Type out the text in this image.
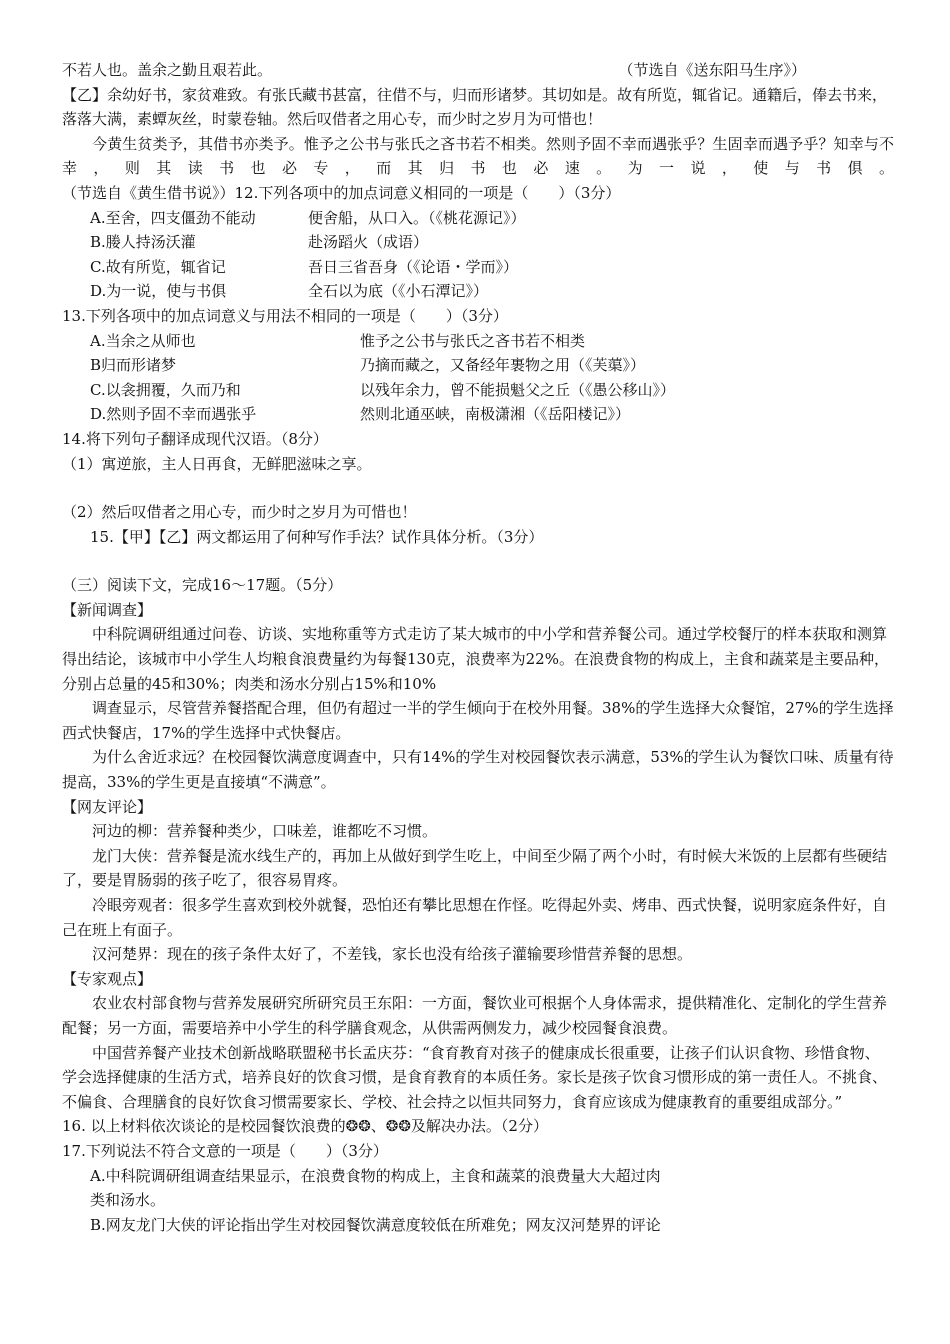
不若人也。盖余之勤且艰若此。	（节选自《送东阳马生序》）

【乙】余幼好书，家贫难致。有张氏藏书甚富，往借不与，归而形诸梦。其切如是。故有所览，辄省记。通籍后，俸去书来，落落大满，素蟫灰丝，时蒙卷轴。然后叹借者之用心专，而少时之岁月为可惜也！

今黄生贫类予，其借书亦类予。惟予之公书与张氏之吝书若不相类。然则予固不幸而遇张乎？生固幸而遇予乎？知幸与不幸，则其读书也必专，而其归书也必速。为一说，使与书俱。

（节选自《黄生借书说》）12.下列各项中的加点词意义相同的一项是（　　）（3分）

A.至舍，四支僵劲不能动	便舍船，从口入。（《桃花源记》）

B.媵人持汤沃灌	赴汤蹈火（成语）

C.故有所览，辄省记	吾日三省吾身（《论语・学而》）

D.为一说，使与书俱	全石以为底（《小石潭记》）

13.下列各项中的加点词意义与用法不相同的一项是（　　）（3分）

A.当余之从师也	惟予之公书与张氏之吝书若不相类

B归而形诸梦	乃摘而藏之，又备经年裹物之用（《芙蕖》）

C.以衾拥覆，久而乃和	以残年余力，曾不能损魁父之丘（《愚公移山》）

D.然则予固不幸而遇张乎	然则北通巫峡，南极潇湘（《岳阳楼记》）

14.将下列句子翻译成现代汉语。（8分）

（1）寓逆旅，主人日再食，无鲜肥滋味之享。

（2）然后叹借者之用心专，而少时之岁月为可惜也！

15.【甲】【乙】两文都运用了何种写作手法？试作具体分析。（3分）

（三）阅读下文，完成16～17题。（5分）

【新闻调查】

中科院调研组通过问卷、访谈、实地称重等方式走访了某大城市的中小学和营养餐公司。通过学校餐厅的样本获取和测算得出结论，该城市中小学生人均粮食浪费量约为每餐130克，浪费率为22%。在浪费食物的构成上，主食和蔬菜是主要品种，分别占总量的45和30%；肉类和汤水分别占15%和10%

调查显示，尽管营养餐搭配合理，但仍有超过一半的学生倾向于在校外用餐。38%的学生选择大众餐馆，27%的学生选择西式快餐店，17%的学生选择中式快餐店。

为什么舍近求远？在校园餐饮满意度调查中，只有14%的学生对校园餐饮表示满意，53%的学生认为餐饮口味、质量有待提高，33%的学生更是直接填“不满意”。

【网友评论】

河边的柳：营养餐种类少，口味差，谁都吃不习惯。

龙门大侠：营养餐是流水线生产的，再加上从做好到学生吃上，中间至少隔了两个小时，有时候大米饭的上层都有些硬结了，要是胃肠弱的孩子吃了，很容易胃疼。

冷眼旁观者：很多学生喜欢到校外就餐，恐怕还有攀比思想在作怪。吃得起外卖、烤串、西式快餐，说明家庭条件好，自己在班上有面子。

汉河楚界：现在的孩子条件太好了，不差钱，家长也没有给孩子灌输要珍惜营养餐的思想。

【专家观点】

农业农村部食物与营养发展研究所研究员王东阳：一方面，餐饮业可根据个人身体需求，提供精准化、定制化的学生营养配餐；另一方面，需要培养中小学生的科学膳食观念，从供需两侧发力，减少校园餐食浪费。

中国营养餐产业技术创新战略联盟秘书长孟庆芬：“食育教育对孩子的健康成长很重要，让孩子们认识食物、珍惜食物、学会选择健康的生活方式，培养良好的饮食习惯，是食育教育的本质任务。家长是孩子饮食习惯形成的第一责任人。不挑食、不偏食、合理膳食的良好饮食习惯需要家长、学校、社会持之以恒共同努力，食育应该成为健康教育的重要组成部分。”

16. 以上材料依次谈论的是校园餐饮浪费的❂❂、❂❂及解决办法。（2分）

17.下列说法不符合文意的一项是（　　）（3分）

A.中科院调研组调查结果显示，在浪费食物的构成上，主食和蔬菜的浪费量大大超过肉

类和汤水。

B.网友龙门大侠的评论指出学生对校园餐饮满意度较低在所难免；网友汉河楚界的评论
